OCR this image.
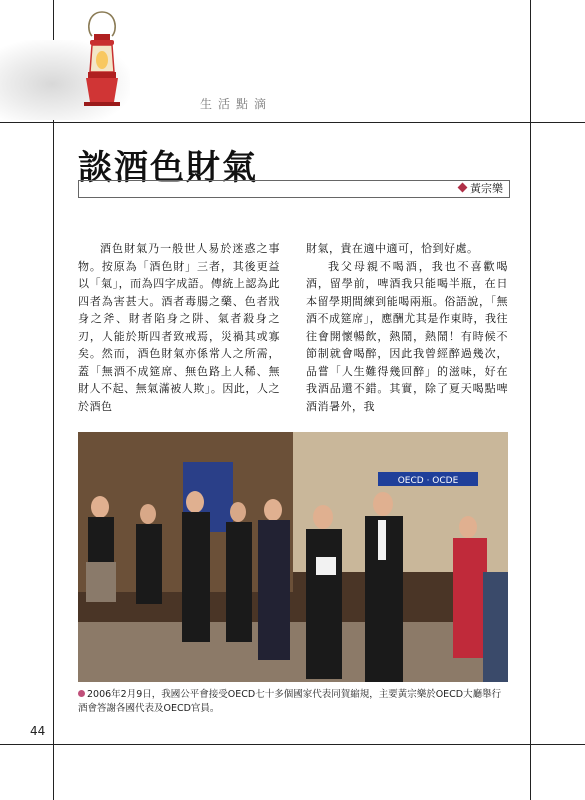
生活點滴
談酒色財氣
黃宗樂

酒色財氣乃一般世人易於迷惑之事物。按原為「酒色財」三者，其後更益以「氣」，而為四字成語。傳統上認為此四者為害甚大。酒者毒腸之藥、色者戕身之斧、財者陷身之阱、氣者殺身之刃，人能於斯四者致戒焉，災禍其或寡矣。然而，酒色財氣亦係常人之所需，蓋「無酒不成筵席、無色路上人稀、無財人不起、無氣滿被人欺」。因此，人之於酒色

財氣，貴在適中適可，恰到好處。

我父母親不喝酒，我也不喜歡喝酒，留學前，啤酒我只能喝半瓶，在日本留學期間練到能喝兩瓶。俗語說，「無酒不成筵席」，應酬尤其是作東時，我往往會開懷暢飲，熱鬧，熱鬧！有時候不節制就會喝醉，因此我曾經醉過幾次，品嘗「人生難得幾回醉」的滋味，好在我酒品還不錯。其實，除了夏天喝點啤酒消暑外，我

OECD · OCDE
2006年2月9日，我國公平會接受OECD七十多個國家代表同賀縮規，主要黃宗樂於OECD大廳舉行酒會答謝各國代表及OECD官員。
44
